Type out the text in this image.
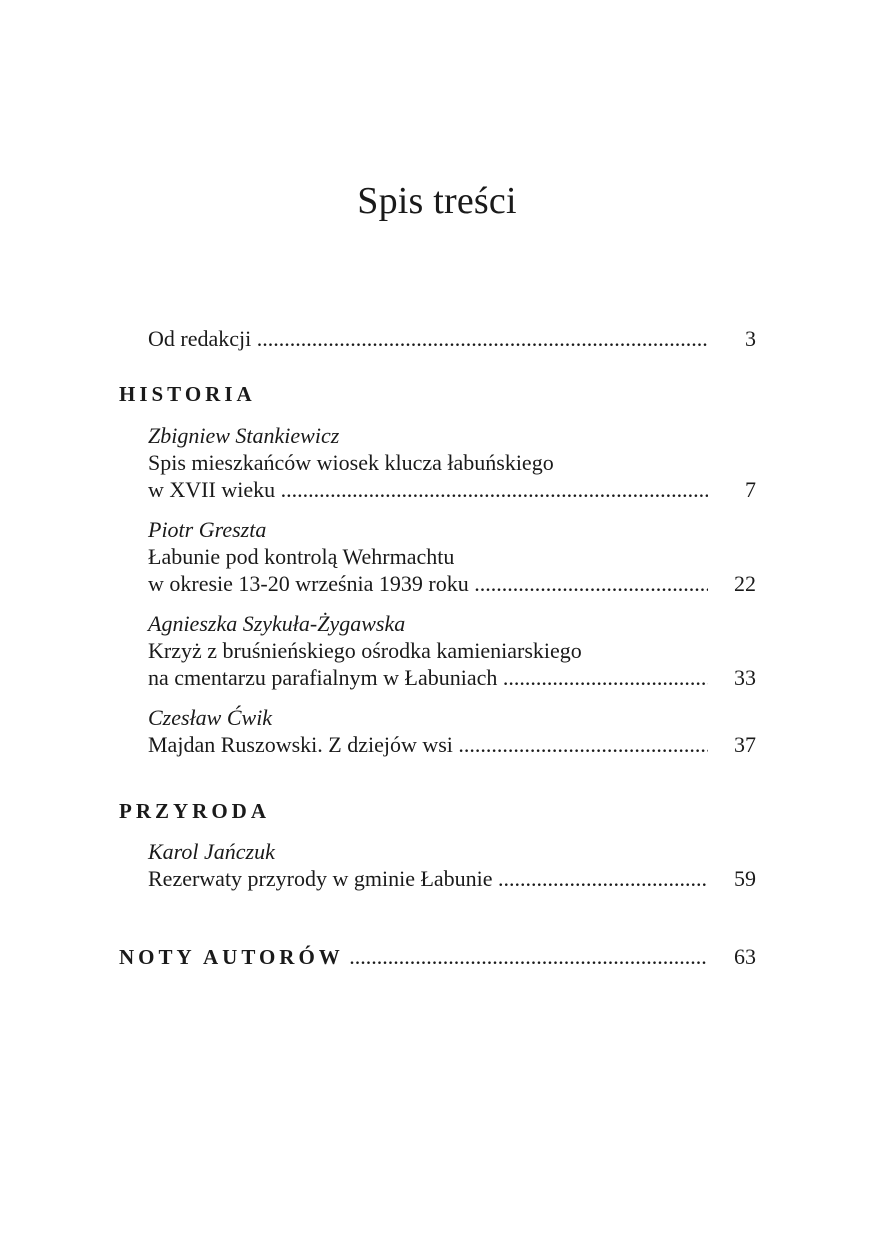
Spis treści
Od redakcji .....	3
HISTORIA
Zbigniew Stankiewicz
Spis mieszkańców wiosek klucza łabuńskiego
w XVII wieku .....	7
Piotr Greszta
Łabunie pod kontrolą Wehrmachtu
w okresie 13-20 września 1939 roku .....	22
Agnieszka Szykuła-Żygawska
Krzyż z bruśnieńskiego ośrodka kamieniarskiego
na cmentarzu parafialnym w Łabuniach .....	33
Czesław Ćwik
Majdan Ruszowski. Z dziejów wsi .....	37
PRZYRODA
Karol Jańczuk
Rezerwaty przyrody w gminie Łabunie .....	59
NOTY AUTORÓW .....	63
